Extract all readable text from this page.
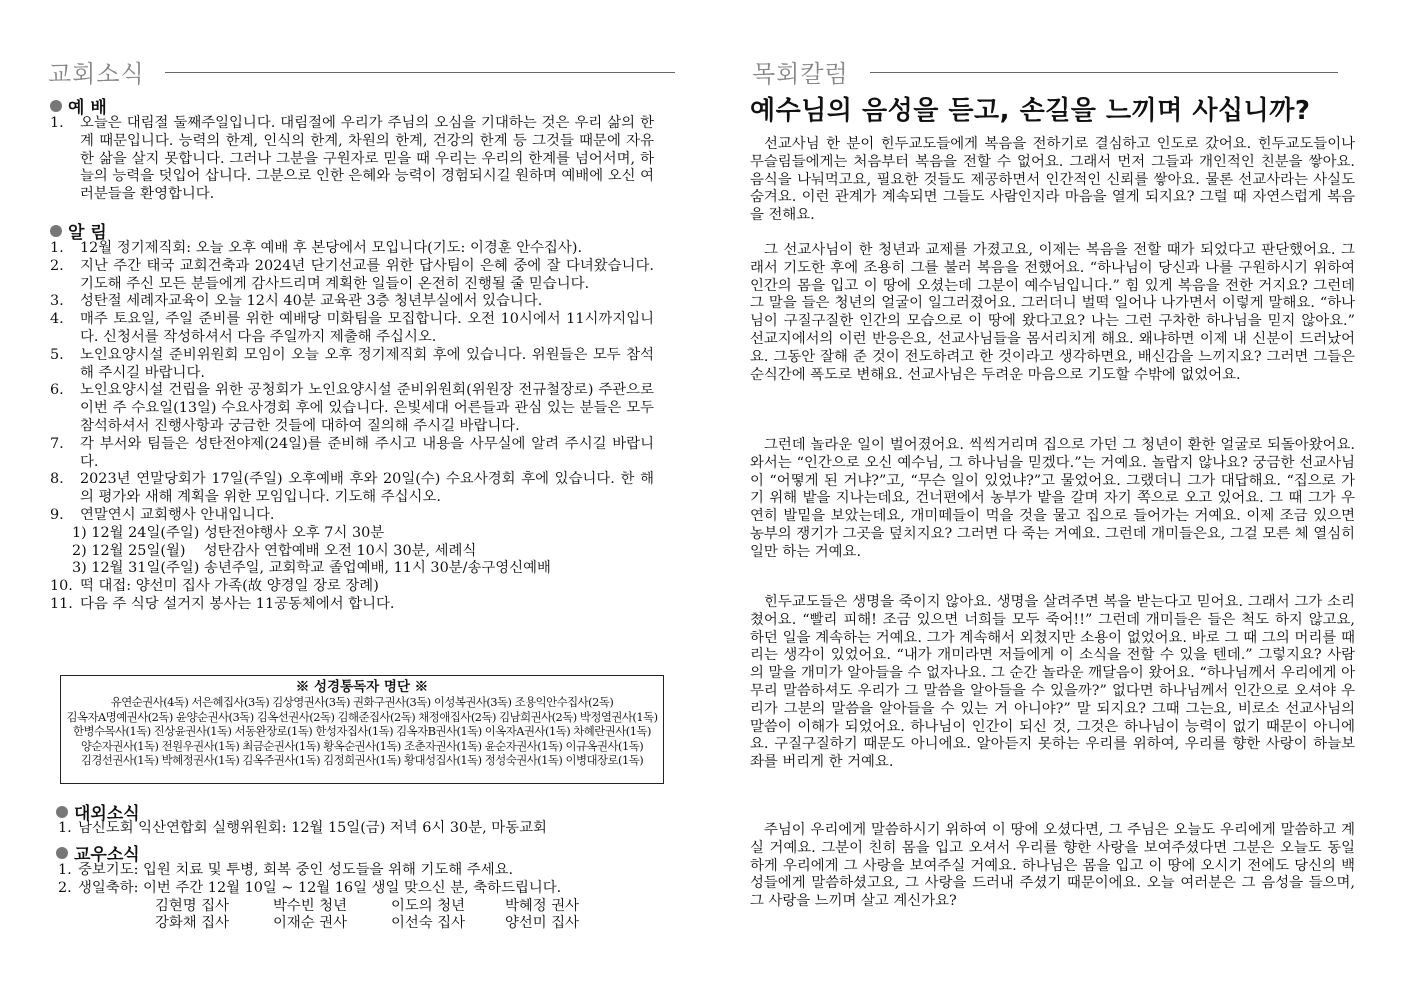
교회소식
예 배
1.	오늘은 대림절 둘째주일입니다. 대림절에 우리가 주님의 오심을 기대하는 것은 우리 삶의 한계 때문입니다. 능력의 한계, 인식의 한계, 차원의 한계, 건강의 한계 등 그것들 때문에 자유한 삶을 살지 못합니다. 그러나 그분을 구원자로 믿을 때 우리는 우리의 한계를 넘어서며, 하늘의 능력을 덧입어 삽니다. 그분으로 인한 은혜와 능력이 경험되시길 원하며 예배에 오신 여러분들을 환영합니다.
알 림
1.	12월 정기제직회: 오늘 오후 예배 후 본당에서 모입니다(기도: 이경훈 안수집사).
2.	지난 주간 태국 교회건축과 2024년 단기선교를 위한 답사팀이 은혜 중에 잘 다녀왔습니다. 기도해 주신 모든 분들에게 감사드리며 계획한 일들이 온전히 진행될 줄 믿습니다.
3.	성탄절 세례자교육이 오늘 12시 40분 교육관 3층 청년부실에서 있습니다.
4.	매주 토요일, 주일 준비를 위한 예배당 미화팀을 모집합니다. 오전 10시에서 11시까지입니다. 신청서를 작성하셔서 다음 주일까지 제출해 주십시오.
5.	노인요양시설 준비위원회 모임이 오늘 오후 정기제직회 후에 있습니다. 위원들은 모두 참석해 주시길 바랍니다.
6.	노인요양시설 건립을 위한 공청회가 노인요양시설 준비위원회(위원장 전규철장로) 주관으로 이번 주 수요일(13일) 수요사경회 후에 있습니다. 은빛세대 어른들과 관심 있는 분들은 모두 참석하셔서 진행사항과 궁금한 것들에 대하여 질의해 주시길 바랍니다.
7.	각 부서와 팀들은 성탄전야제(24일)를 준비해 주시고 내용을 사무실에 알려 주시길 바랍니다.
8.	2023년 연말당회가 17일(주일) 오후예배 후와 20일(수) 수요사경회 후에 있습니다. 한 해의 평가와 새해 계획을 위한 모임입니다. 기도해 주십시오.
9.	연말연시 교회행사 안내입니다.
1) 12월 24일(주일) 성탄전야행사 오후 7시 30분
2) 12월 25일(월)    성탄감사 연합예배 오전 10시 30분, 세례식
3) 12월 31일(주일) 송년주일, 교회학교 졸업예배, 11시 30분/송구영신예배
10. 떡 대접: 양선미 집사 가족(故 양경일 장로 장례)
11. 다음 주 식당 설거지 봉사는 11공동체에서 합니다.
※ 성경통독자 명단 ※
유연순권사(4독) 서은혜집사(3독) 김상영권사(3독) 권화구권사(3독) 이성복권사(3독) 조용익안수집사(2독)
김옥자A명예권사(2독) 윤양순권사(3독) 김옥선권사(2독) 김해준집사(2독) 채정애집사(2독) 김남희권사(2독) 박정열권사(1독)
한병수목사(1독) 진상윤권사(1독) 서동완장로(1독) 한성자집사(1독) 김옥자B권사(1독) 이옥자A권사(1독) 차혜란권사(1독)
양순자권사(1독) 전원우권사(1독) 최금순권사(1독) 황옥순권사(1독) 조춘자권사(1독) 윤순자권사(1독) 이규옥권사(1독)
김경선권사(1독) 박혜정권사(1독) 김옥주권사(1독) 김정희권사(1독) 황대성집사(1독) 정성숙권사(1독) 이병대장로(1독)
대외소식
1. 남신도회 익산연합회 실행위원회: 12월 15일(금) 저녁 6시 30분, 마동교회
교우소식
1. 중보기도: 입원 치료 및 투병, 회복 중인 성도들을 위해 기도해 주세요.
2. 생일축하: 이번 주간 12월 10일 ~ 12월 16일 생일 맞으신 분, 축하드립니다.
김현명 집사	박수빈 청년	이도의 청년	박혜정 권사
강화채 집사	이재순 권사	이선숙 집사	양선미 집사
목회칼럼
예수님의 음성을 듣고, 손길을 느끼며 사십니까?
선교사님 한 분이 힌두교도들에게 복음을 전하기로 결심하고 인도로 갔어요. 힌두교도들이나 무슬림들에게는 처음부터 복음을 전할 수 없어요. 그래서 먼저 그들과 개인적인 친분을 쌓아요. 음식을 나눠먹고요, 필요한 것들도 제공하면서 인간적인 신뢰를 쌓아요. 물론 선교사라는 사실도 숨겨요. 이런 관계가 계속되면 그들도 사람인지라 마음을 열게 되지요? 그럴 때 자연스럽게 복음을 전해요.
그 선교사님이 한 청년과 교제를 가졌고요, 이제는 복음을 전할 때가 되었다고 판단했어요. 그래서 기도한 후에 조용히 그를 불러 복음을 전했어요. “하나님이 당신과 나를 구원하시기 위하여 인간의 몸을 입고 이 땅에 오셨는데 그분이 예수님입니다.” 힘 있게 복음을 전한 거지요? 그런데 그 말을 들은 청년의 얼굴이 일그러졌어요. 그러더니 벌떡 일어나 나가면서 이렇게 말해요. “하나님이 구질구질한 인간의 모습으로 이 땅에 왔다고요? 나는 그런 구차한 하나님을 믿지 않아요.” 선교지에서의 이런 반응은요, 선교사님들을 몸서리치게 해요. 왜냐하면 이제 내 신분이 드러났어요. 그동안 잘해 준 것이 전도하려고 한 것이라고 생각하면요, 배신감을 느끼지요? 그러면 그들은 순식간에 폭도로 변해요. 선교사님은 두려운 마음으로 기도할 수밖에 없었어요.
그런데 놀라운 일이 벌어졌어요. 씩씩거리며 집으로 가던 그 청년이 환한 얼굴로 되돌아왔어요. 와서는 “인간으로 오신 예수님, 그 하나님을 믿겠다.”는 거예요. 놀랍지 않나요? 궁금한 선교사님이 “어떻게 된 거냐?”고, “무슨 일이 있었냐?”고 물었어요. 그랬더니 그가 대답해요. “집으로 가기 위해 밭을 지나는데요, 건너편에서 농부가 밭을 갈며 자기 쪽으로 오고 있어요. 그 때 그가 우연히 발밑을 보았는데요, 개미떼들이 먹을 것을 물고 집으로 들어가는 거예요. 이제 조금 있으면 농부의 쟁기가 그곳을 덮치지요? 그러면 다 죽는 거예요. 그런데 개미들은요, 그걸 모른 체 열심히 일만 하는 거예요.
힌두교도들은 생명을 죽이지 않아요. 생명을 살려주면 복을 받는다고 믿어요. 그래서 그가 소리쳤어요. “빨리 피해! 조금 있으면 너희들 모두 죽어!!” 그런데 개미들은 들은 척도 하지 않고요, 하던 일을 계속하는 거예요. 그가 계속해서 외쳤지만 소용이 없었어요. 바로 그 때 그의 머리를 때리는 생각이 있었어요. “내가 개미라면 저들에게 이 소식을 전할 수 있을 텐데.” 그렇지요? 사람의 말을 개미가 알아들을 수 없자나요. 그 순간 놀라운 깨달음이 왔어요. “하나님께서 우리에게 아무리 말씀하셔도 우리가 그 말씀을 알아들을 수 있을까?” 없다면 하나님께서 인간으로 오셔야 우리가 그분의 말씀을 알아들을 수 있는 거 아니야?” 말 되지요? 그때 그는요, 비로소 선교사님의 말씀이 이해가 되었어요. 하나님이 인간이 되신 것, 그것은 하나님이 능력이 없기 때문이 아니에요. 구질구질하기 때문도 아니에요. 알아듣지 못하는 우리를 위하여, 우리를 향한 사랑이 하늘보좌를 버리게 한 거예요.
주님이 우리에게 말씀하시기 위하여 이 땅에 오셨다면, 그 주님은 오늘도 우리에게 말씀하고 계실 거예요. 그분이 친히 몸을 입고 오셔서 우리를 향한 사랑을 보여주셨다면 그분은 오늘도 동일하게 우리에게 그 사랑을 보여주실 거예요. 하나님은 몸을 입고 이 땅에 오시기 전에도 당신의 백성들에게 말씀하셨고요, 그 사랑을 드러내 주셨기 때문이에요. 오늘 여러분은 그 음성을 들으며, 그 사랑을 느끼며 살고 계신가요?
